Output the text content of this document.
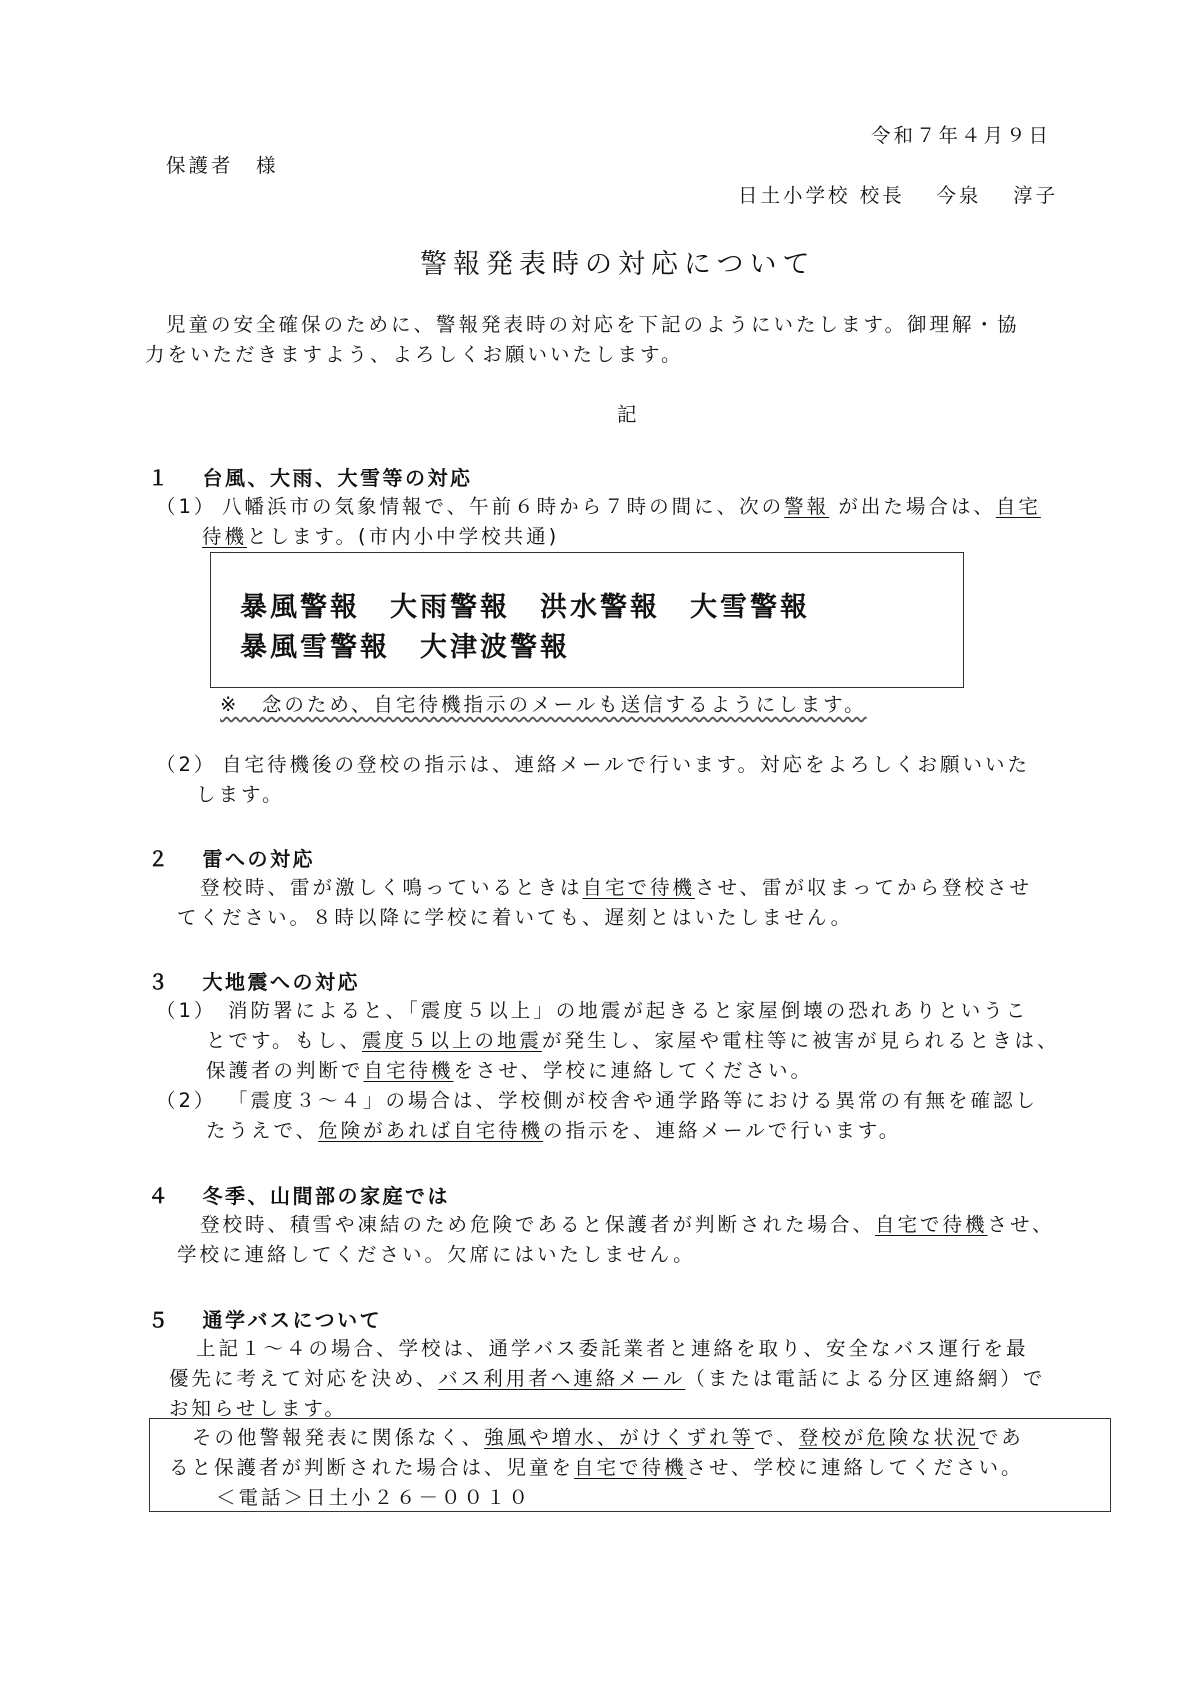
令和７年４月９日
保護者　様
日土小学校 校長　 今泉　 淳子
警報発表時の対応について
児童の安全確保のために、警報発表時の対応を下記のようにいたします。御理解・協
力をいただきますよう、よろしくお願いいたします。
記
１　 台風、大雨、大雪等の対応
（1） 八幡浜市の気象情報で、午前６時から７時の間に、次の警報 が出た場合は、自宅
待機とします。(市内小中学校共通)
暴風警報　大雨警報　洪水警報　大雪警報
暴風雪警報　大津波警報
※　念のため、自宅待機指示のメールも送信するようにします。
（2） 自宅待機後の登校の指示は、連絡メールで行います。対応をよろしくお願いいた
します。
２　 雷への対応
登校時、雷が激しく鳴っているときは自宅で待機させ、雷が収まってから登校させ
てください。８時以降に学校に着いても、遅刻とはいたしません。
３　 大地震への対応
（1） 消防署によると、「震度５以上」の地震が起きると家屋倒壊の恐れありというこ
とです。もし、震度５以上の地震が発生し、家屋や電柱等に被害が見られるときは、
保護者の判断で自宅待機をさせ、学校に連絡してください。
（2） 「震度３～４」の場合は、学校側が校舎や通学路等における異常の有無を確認し
たうえで、危険があれば自宅待機の指示を、連絡メールで行います。
４　 冬季、山間部の家庭では
登校時、積雪や凍結のため危険であると保護者が判断された場合、自宅で待機させ、
学校に連絡してください。欠席にはいたしません。
５　 通学バスについて
上記１～４の場合、学校は、通学バス委託業者と連絡を取り、安全なバス運行を最
優先に考えて対応を決め、バス利用者へ連絡メール（または電話による分区連絡網）で
お知らせします。
その他警報発表に関係なく、強風や増水、がけくずれ等で、登校が危険な状況であ
ると保護者が判断された場合は、児童を自宅で待機させ、学校に連絡してください。
＜電話＞日土小２６－００１０
